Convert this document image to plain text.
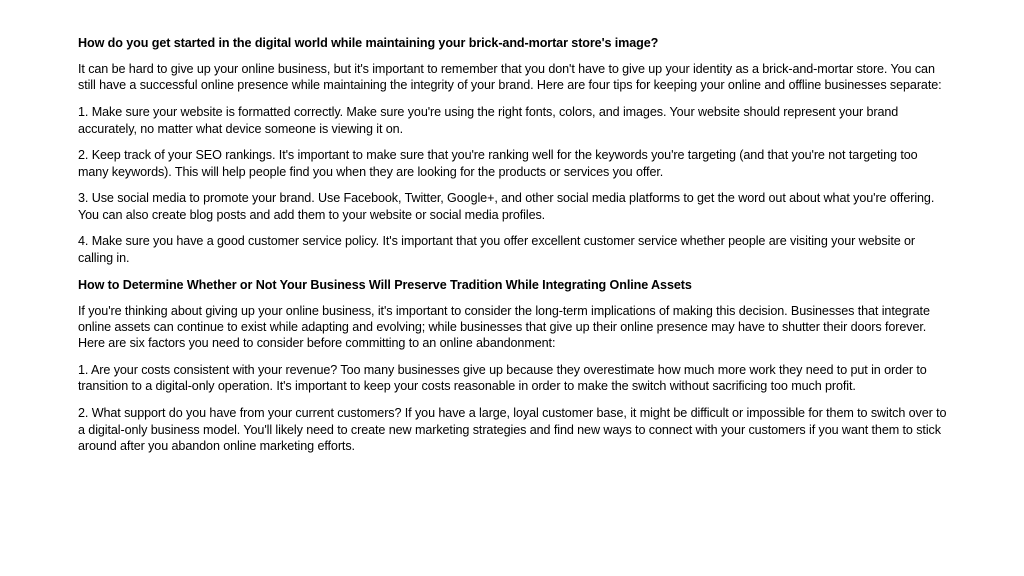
How do you get started in the digital world while maintaining your brick-and-mortar store's image?

It can be hard to give up your online business, but it's important to remember that you don't have to give up your identity as a brick-and-mortar store. You can still have a successful online presence while maintaining the integrity of your brand. Here are four tips for keeping your online and offline businesses separate:

1. Make sure your website is formatted correctly. Make sure you're using the right fonts, colors, and images. Your website should represent your brand accurately, no matter what device someone is viewing it on.

2. Keep track of your SEO rankings. It's important to make sure that you're ranking well for the keywords you're targeting (and that you're not targeting too many keywords). This will help people find you when they are looking for the products or services you offer.

3. Use social media to promote your brand. Use Facebook, Twitter, Google+, and other social media platforms to get the word out about what you're offering. You can also create blog posts and add them to your website or social media profiles.

4. Make sure you have a good customer service policy. It's important that you offer excellent customer service whether people are visiting your website or calling in.

How to Determine Whether or Not Your Business Will Preserve Tradition While Integrating Online Assets

If you're thinking about giving up your online business, it's important to consider the long-term implications of making this decision. Businesses that integrate online assets can continue to exist while adapting and evolving; while businesses that give up their online presence may have to shutter their doors forever. Here are six factors you need to consider before committing to an online abandonment:

1. Are your costs consistent with your revenue? Too many businesses give up because they overestimate how much more work they need to put in order to transition to a digital-only operation. It's important to keep your costs reasonable in order to make the switch without sacrificing too much profit.

2. What support do you have from your current customers? If you have a large, loyal customer base, it might be difficult or impossible for them to switch over to a digital-only business model. You'll likely need to create new marketing strategies and find new ways to connect with your customers if you want them to stick around after you abandon online marketing efforts.
